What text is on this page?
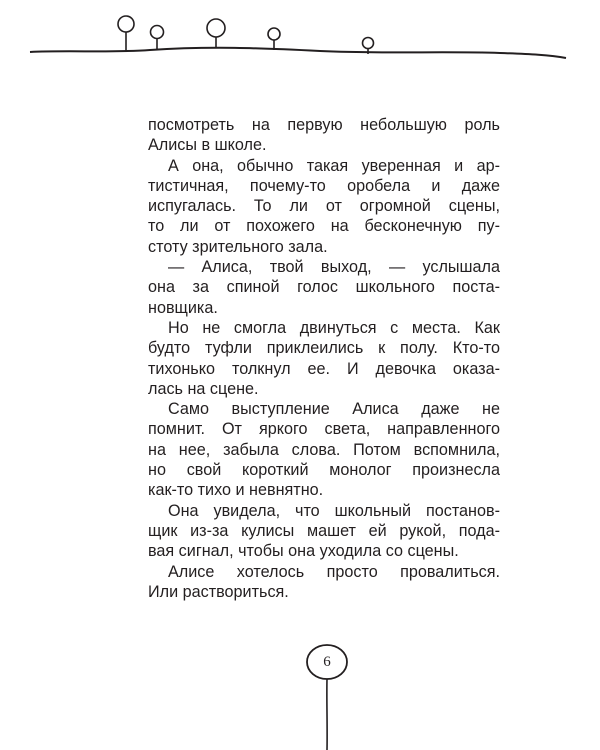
посмотреть на первую небольшую роль
Алисы в школе.

А она, обычно такая уверенная и ар-
тистичная, почему-то оробела и даже
испугалась. То ли от огромной сцены,
то ли от похожего на бесконечную пу-
стоту зрительного зала.

— Алиса, твой выход, — услышала
она за спиной голос школьного поста-
новщика.

Но не смогла двинуться с места. Как
будто туфли приклеились к полу. Кто-то
тихонько толкнул ее. И девочка оказа-
лась на сцене.

Само выступление Алиса даже не
помнит. От яркого света, направленного
на нее, забыла слова. Потом вспомнила,
но свой короткий монолог произнесла
как-то тихо и невнятно.

Она увидела, что школьный постанов-
щик из-за кулисы машет ей рукой, пода-
вая сигнал, чтобы она уходила со сцены.

Алисе хотелось просто провалиться.
Или раствориться.

6
